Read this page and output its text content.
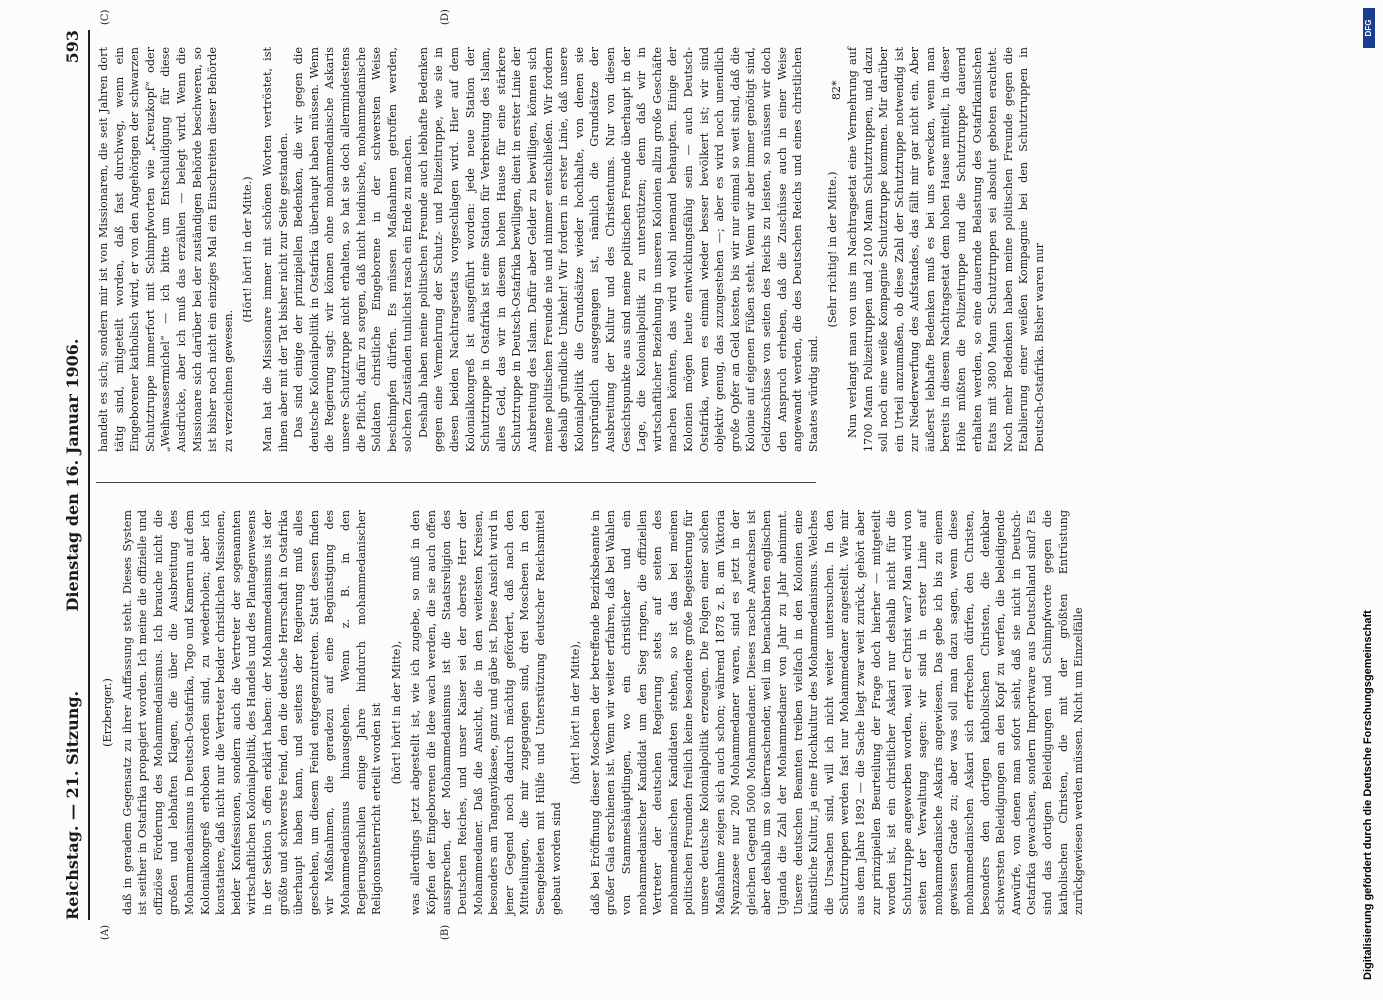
Reichstag. — 21. Sitzung.
Dienstag den 16. Januar 1906.
593
(A)	(B)
(C)	(D)

(Erzberger.) daß in geradem Gegensatz zu ihrer Auffassung steht. Dieses System ist seither in Ostafrika propagiert worden. Ich meine die offizielle und offiziöse Förderung des Mohammedanismus. Ich brauche nicht die großen und lebhaften Klagen, die über die Ausbreitung des Mohammedanismus in Deutsch-Ostafrika, Togo und Kamerun auf dem Kolonialkongreß erhoben worden sind, zu wiederholen; aber ich konstatiere, daß nicht nur die Vertreter beider christlichen Missionen, beider Konfessionen, sondern auch die Vertreter der sogenannten wirtschaftlichen Kolonialpolitik, des Handels und des Plantagenwesens in der Sektion 5 offen erklärt haben: der Mohammedanismus ist der größte und schwerste Feind, den die deutsche Herrschaft in Ostafrika überhaupt haben kann, und seitens der Regierung muß alles geschehen, um diesem Feind entgegenzutreten. Statt dessen finden wir Maßnahmen, die geradezu auf eine Begünstigung des Mohammedanismus hinausgehen. Wenn z. B. in den Regierungsschulen einige Jahre hindurch mohammedanischer Religionsunterricht erteilt worden ist (hört! hört! in der Mitte), was allerdings jetzt abgestellt ist, wie ich zugebe, so muß in den Köpfen der Eingeborenen die Idee wach werden, die sie auch offen aussprechen, der Mohammedanismus ist die Staatsreligion des Deutschen Reiches, und unser Kaiser sei der oberste Herr der Mohammedaner. Daß die Ansicht, die in den weitesten Kreisen, besonders am Tanganyikasee, ganz und gäbe ist. Diese Ansicht wird in jener Gegend noch dadurch mächtig gefördert, daß nach den Mitteilungen, die mir zugegangen sind, drei Moscheen in den Seengebieten mit Hülfe und Unterstützung deutscher Reichsmittel gebaut worden sind

(hört! hört! in der Mitte), daß bei Eröffnung dieser Moscheen der betreffende Bezirksbeamte in großer Gala erschienen ist. Wenn wir weiter erfahren, daß bei Wahlen von Stammeshäuptlingen, wo ein christlicher und ein mohammedanischer Kandidat um den Sieg ringen, die offiziellen Vertreter der deutschen Regierung stets auf seiten des mohammedanischen Kandidaten stehen, so ist das bei meinen politischen Freunden freilich keine besondere große Begeisterung für unsere deutsche Kolonialpolitik erzeugen. Die Folgen einer solchen Maßnahme zeigen sich auch schon; während 1878 z. B. am Viktoria Nyanzasee nur 200 Mohammedaner waren, sind es jetzt in der gleichen Gegend 5000 Mohammedaner. Dieses rasche Anwachsen ist aber deshalb um so überraschender, weil im benachbarten englischen Uganda die Zahl der Mohammedaner von Jahr zu Jahr abnimmt. Unsere deutschen Beamten treiben vielfach in den Kolonien eine künstliche Kultur, ja eine Hochkultur des Mohammedanismus. Welches die Ursachen sind, will ich nicht weiter untersuchen. In den Schutztruppen werden fast nur Mohammedaner angestellt. Wie mir aus dem Jahre 1892 — die Sache liegt zwar weit zurück, gehört aber zur prinzipiellen Beurteilung der Frage doch hierher — mitgeteilt worden ist, ist ein christlicher Askari nur deshalb nicht für die Schutztruppe angeworben worden, weil er Christ war? Man wird von seiten der Verwaltung sagen: wir sind in erster Linie auf mohammedanische Askaris angewiesen. Das gebe ich bis zu einem gewissen Grade zu; aber was soll man dazu sagen, wenn diese mohammedanischen Askari sich erfrechen dürfen, den Christen, besonders den dortigen katholischen Christen, die denkbar schwersten Beleidigungen an den Kopf zu werfen, die beleidigende Anwürfe, von denen man sofort sieht, daß sie nicht in Deutsch-Ostafrika gewachsen, sondern Importware aus Deutschland sind? Es sind das dortigen Beleidigungen und Schimpfworte gegen die katholischen Christen, die mit der größten Entrüstung zurückgewiesen werden müssen. Nicht um Einzelfälle

handelt es sich; sondern mir ist von Missionaren, die seit Jahren dort tätig sind, mitgeteilt worden, daß fast durchweg, wenn ein Eingeborener katholisch wird, er von den Angehörigen der schwarzen Schutztruppe immerfort mit Schimpfworten wie „Kreuzkopf“ oder „Weihwassermichel“ — ich bitte um Entschuldigung für diese Ausdrücke, aber ich muß das erzählen — belegt wird. Wenn die Missionare sich darüber bei der zuständigen Behörde beschweren, so ist bisher noch nicht ein einziges Mal ein Einschreiten dieser Behörde zu verzeichnen gewesen.

(Hört! hört! in der Mitte.) Man hat die Missionare immer mit schönen Worten vertröstet, ist ihnen aber mit der Tat bisher nicht zur Seite gestanden. Das sind einige der prinzipiellen Bedenken, die wir gegen die deutsche Kolonialpolitik in Ostafrika überhaupt haben müssen. Wenn die Regierung sagt: wir können ohne mohammedanische Askaris unsere Schutztruppe nicht erhalten, so hat sie doch allermindestens die Pflicht, dafür zu sorgen, daß nicht heidnische, mohammedanische Soldaten christliche Eingeborene in der schwersten Weise beschimpfen dürfen. Es müssen Maßnahmen getroffen werden, solchen Zuständen tunlichst rasch ein Ende zu machen. Deshalb haben meine politischen Freunde auch lebhafte Bedenken gegen eine Vermehrung der Schutz- und Polizeitruppe, wie sie in diesen beiden Nachtragsetats vorgeschlagen wird. Hier auf dem Kolonialkongreß ist ausgeführt worden: jede neue Station der Schutztruppe in Ostafrika ist eine Station für Verbreitung des Islam, alles Geld, das wir in diesem hohen Hause für eine stärkere Schutztruppe in Deutsch-Ostafrika bewilligen, dient in erster Linie der Ausbreitung des Islam. Dafür aber Gelder zu bewilligen, können sich meine politischen Freunde nie und nimmer entschließen. Wir fordern deshalb gründliche Umkehr! Wir fordern in erster Linie, daß unsere Kolonialpolitik die Grundsätze wieder hochhalte, von denen sie ursprünglich ausgegangen ist, nämlich die Grundsätze der Ausbreitung der Kultur und des Christentums. Nur von diesen Gesichtspunkte aus sind meine politischen Freunde überhaupt in der Lage, die Kolonialpolitik zu unterstützen; denn daß wir in wirtschaftlicher Beziehung in unseren Kolonien allzu große Geschäfte machen könnten, das wird wohl niemand behaupten. Einige der Kolonien mögen heute entwicklungsfähig sein — auch Deutsch-Ostafrika, wenn es einmal wieder besser bevölkert ist; wir sind objektiv genug, das zuzugestehen —; aber es wird noch unendlich große Opfer an Geld kosten, bis wir nur einmal so weit sind, daß die Kolonie auf eigenen Füßen steht. Wenn wir aber immer genötigt sind, Geldzuschüsse von seiten des Reichs zu leisten, so müssen wir doch den Anspruch erheben, daß die Zuschüsse auch in einer Weise angewandt werden, die des Deutschen Reichs und eines christlichen Staates würdig sind.

(Sehr richtig! in der Mitte.) Nun verlangt man von uns im Nachtragsetat eine Vermehrung auf 1700 Mann Polizeitruppen und 2100 Mann Schutztruppen, und dazu soll noch eine weiße Kompagnie Schutztruppe kommen. Mir darüber ein Urteil anzumaßen, ob diese Zahl der Schutztruppe notwendig ist zur Niederwerfung des Aufstandes, das fällt mir gar nicht ein. Aber äußerst lebhafte Bedenken muß es bei uns erwecken, wenn man bereits in diesem Nachtragsetat dem hohen Hause mitteilt, in dieser Höhe müßten die Polizeitruppe und die Schutztruppe dauernd erhalten werden, so eine dauernde Belastung des Ostafrikanischen Etats mit 3800 Mann Schutztruppen sei absolut geboten erachtet. Noch mehr Bedenken haben meine politischen Freunde gegen die Etablierung einer weißen Kompagnie bei den Schutztruppen in Deutsch-Ostafrika. Bisher waren nur

82*
DFG
Digitalisierung gefördert durch die Deutsche Forschungsgemeinschaft
